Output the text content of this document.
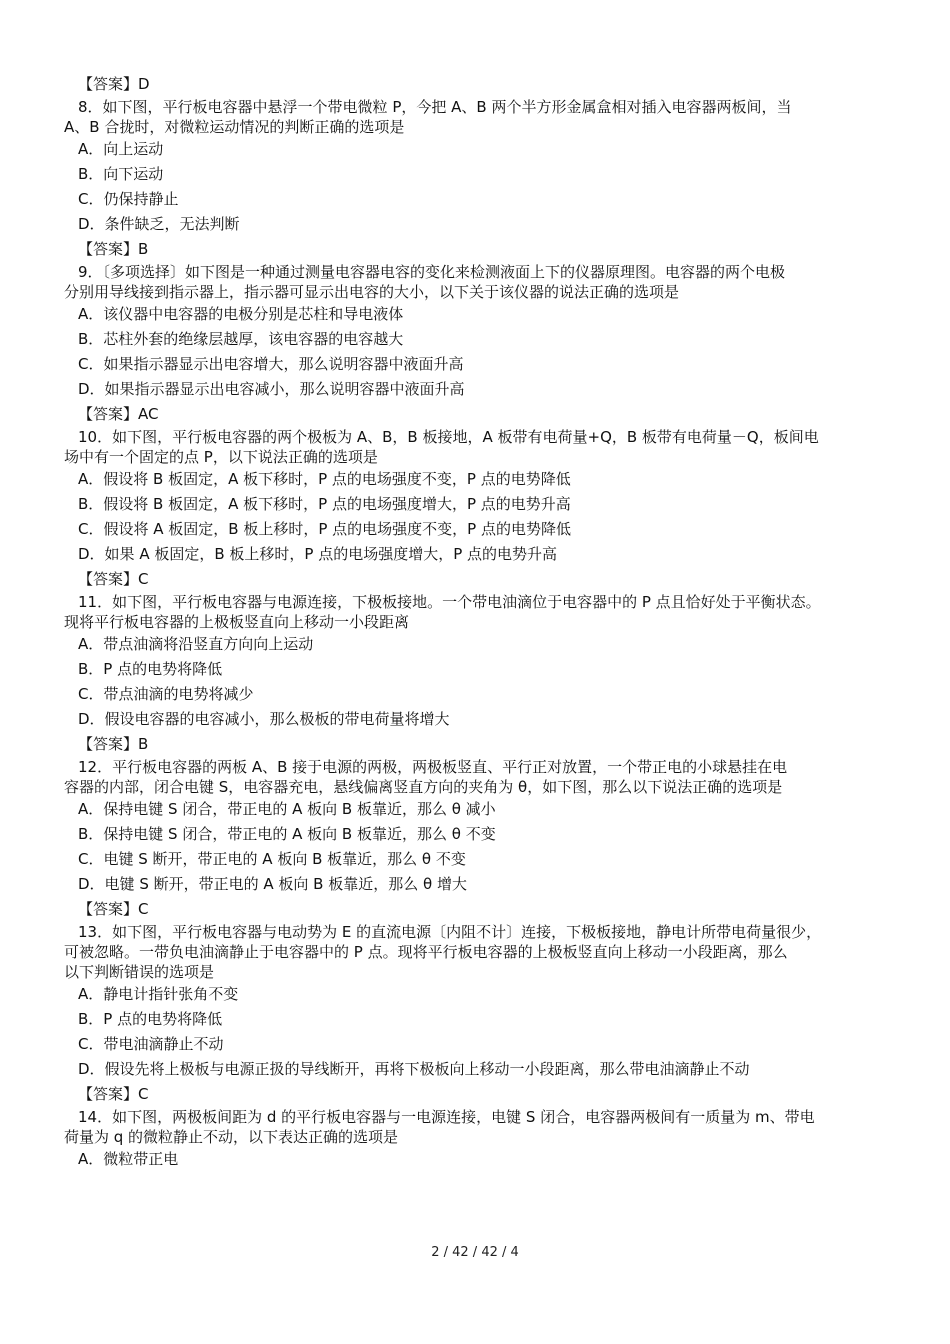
【答案】D
8．如下图，平行板电容器中悬浮一个带电微粒 P，今把 A、B 两个半方形金属盒相对插入电容器两板间，当
A、B 合拢时，对微粒运动情况的判断正确的选项是
A．向上运动
B．向下运动
C．仍保持静止
D．条件缺乏，无法判断
【答案】B
9．〔多项选择〕如下图是一种通过测量电容器电容的变化来检测液面上下的仪器原理图。电容器的两个电极
分别用导线接到指示器上，指示器可显示出电容的大小，以下关于该仪器的说法正确的选项是
A．该仪器中电容器的电极分别是芯柱和导电液体
B．芯柱外套的绝缘层越厚，该电容器的电容越大
C．如果指示器显示出电容增大，那么说明容器中液面升高
D．如果指示器显示出电容减小，那么说明容器中液面升高
【答案】AC
10．如下图，平行板电容器的两个极板为 A、B，B 板接地，A 板带有电荷量+Q，B 板带有电荷量－Q，板间电
场中有一个固定的点 P，以下说法正确的选项是
A．假设将 B 板固定，A 板下移时，P 点的电场强度不变，P 点的电势降低
B．假设将 B 板固定，A 板下移时，P 点的电场强度增大，P 点的电势升高
C．假设将 A 板固定，B 板上移时，P 点的电场强度不变，P 点的电势降低
D．如果 A 板固定，B 板上移时，P 点的电场强度增大，P 点的电势升高
【答案】C
11．如下图，平行板电容器与电源连接，下极板接地。一个带电油滴位于电容器中的 P 点且恰好处于平衡状态。
现将平行板电容器的上极板竖直向上移动一小段距离
A．带点油滴将沿竖直方向向上运动
B．P 点的电势将降低
C．带点油滴的电势将减少
D．假设电容器的电容减小，那么极板的带电荷量将增大
【答案】B
12．平行板电容器的两板 A、B 接于电源的两极，两极板竖直、平行正对放置，一个带正电的小球悬挂在电
容器的内部，闭合电键 S，电容器充电，悬线偏离竖直方向的夹角为 θ，如下图，那么以下说法正确的选项是
A．保持电键 S 闭合，带正电的 A 板向 B 板靠近，那么 θ 减小
B．保持电键 S 闭合，带正电的 A 板向 B 板靠近，那么 θ 不变
C．电键 S 断开，带正电的 A 板向 B 板靠近，那么 θ 不变
D．电键 S 断开，带正电的 A 板向 B 板靠近，那么 θ 增大
【答案】C
13．如下图，平行板电容器与电动势为 E 的直流电源〔内阻不计〕连接，下极板接地，静电计所带电荷量很少，
可被忽略。一带负电油滴静止于电容器中的 P 点。现将平行板电容器的上极板竖直向上移动一小段距离，那么
以下判断错误的选项是
A．静电计指针张角不变
B．P 点的电势将降低
C．带电油滴静止不动
D．假设先将上极板与电源正扱的导线断开，再将下极板向上移动一小段距离，那么带电油滴静止不动
【答案】C
14．如下图，两极板间距为 d 的平行板电容器与一电源连接，电键 S 闭合，电容器两极间有一质量为 m、带电
荷量为 q 的微粒静止不动，以下表达正确的选项是
A．微粒带正电
2 / 42 / 42 / 4
